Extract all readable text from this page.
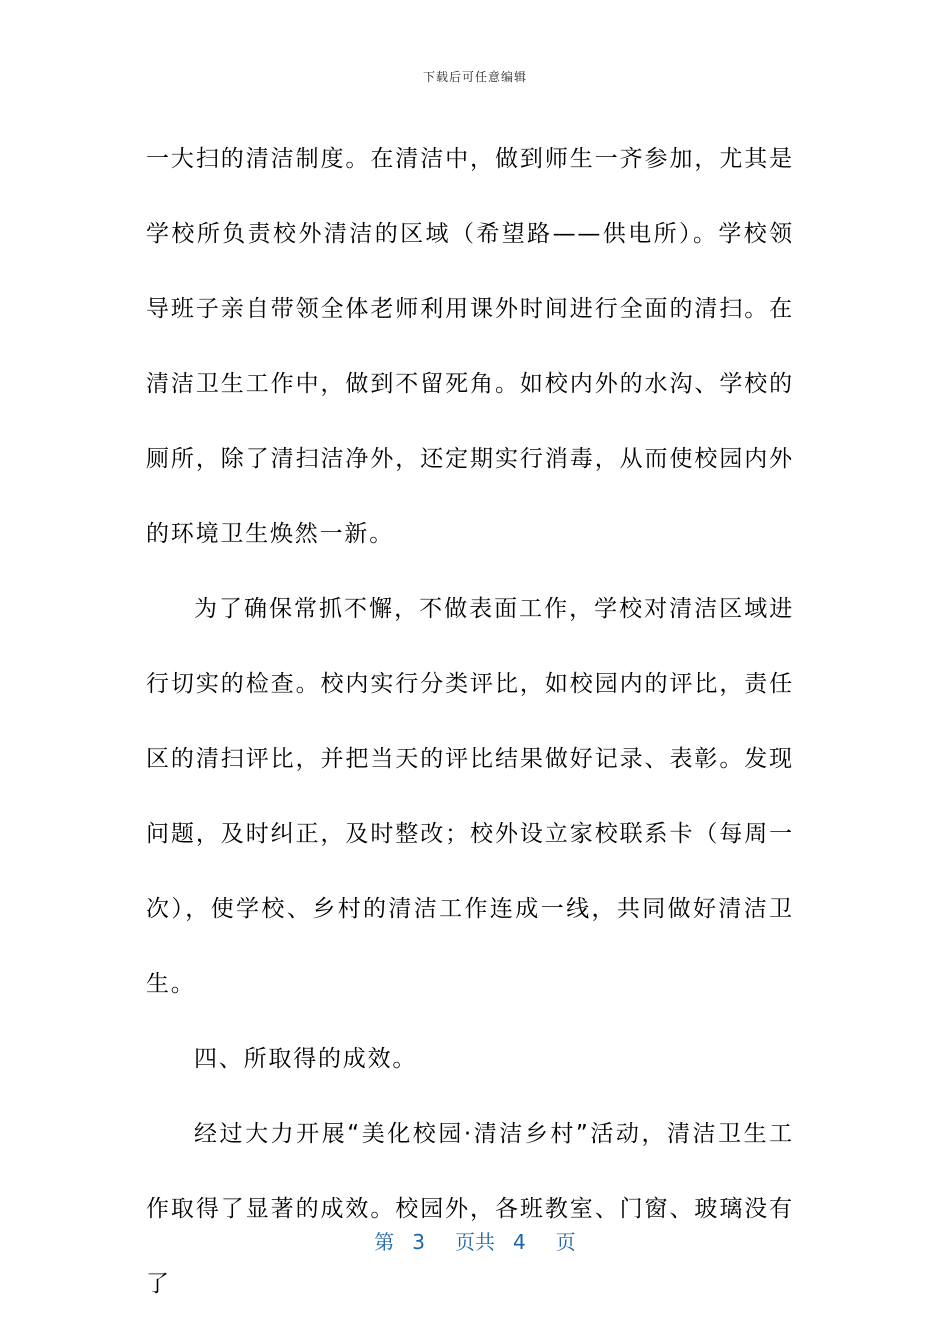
下载后可任意编辑

一大扫的清洁制度。在清洁中，做到师生一齐参加，尤其是学校所负责校外清洁的区域（希望路——供电所）。学校领导班子亲自带领全体老师利用课外时间进行全面的清扫。在清洁卫生工作中，做到不留死角。如校内外的水沟、学校的厕所，除了清扫洁净外，还定期实行消毒，从而使校园内外的环境卫生焕然一新。

为了确保常抓不懈，不做表面工作，学校对清洁区域进行切实的检查。校内实行分类评比，如校园内的评比，责任区的清扫评比，并把当天的评比结果做好记录、表彰。发现问题，及时纠正，及时整改；校外设立家校联系卡（每周一次），使学校、乡村的清洁工作连成一线，共同做好清洁卫生。

四、所取得的成效。

经过大力开展“美化校园·清洁乡村”活动，清洁卫生工作取得了显著的成效。校园外，各班教室、门窗、玻璃没有了

第 3 页共 4 页
